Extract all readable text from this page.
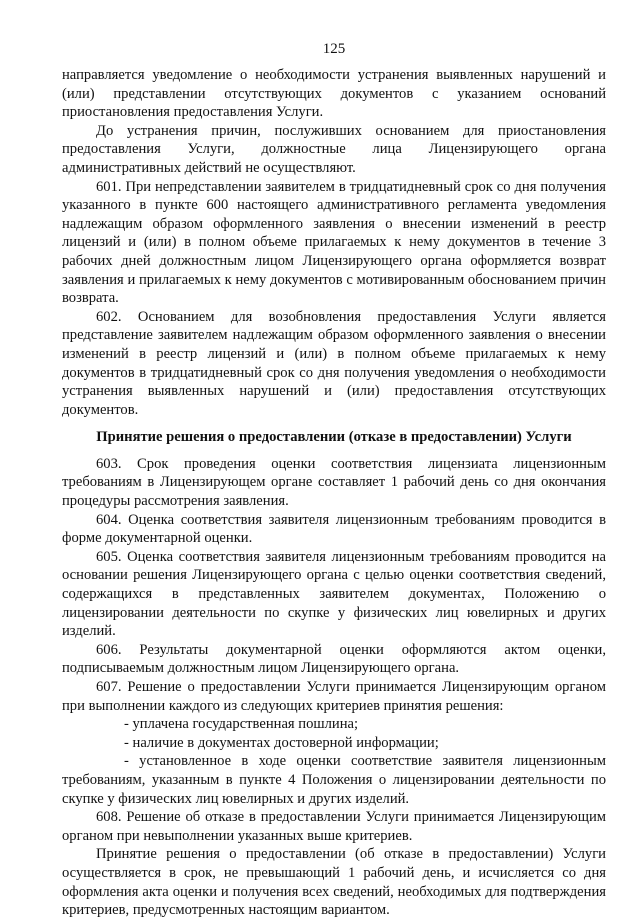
125

направляется уведомление о необходимости устранения выявленных нарушений и (или) представлении отсутствующих документов с указанием оснований приостановления предоставления Услуги.

До устранения причин, послуживших основанием для приостановления предоставления Услуги, должностные лица Лицензирующего органа административных действий не осуществляют.

601. При непредставлении заявителем в тридцатидневный срок со дня получения указанного в пункте 600 настоящего административного регламента уведомления надлежащим образом оформленного заявления о внесении изменений в реестр лицензий и (или) в полном объеме прилагаемых к нему документов в течение 3 рабочих дней должностным лицом Лицензирующего органа оформляется возврат заявления и прилагаемых к нему документов с мотивированным обоснованием причин возврата.

602. Основанием для возобновления предоставления Услуги является представление заявителем надлежащим образом оформленного заявления о внесении изменений в реестр лицензий и (или) в полном объеме прилагаемых к нему документов в тридцатидневный срок со дня получения уведомления о необходимости устранения выявленных нарушений и (или) предоставления отсутствующих документов.

Принятие решения о предоставлении (отказе в предоставлении) Услуги

603. Срок проведения оценки соответствия лицензиата лицензионным требованиям в Лицензирующем органе составляет 1 рабочий день со дня окончания процедуры рассмотрения заявления.

604. Оценка соответствия заявителя лицензионным требованиям проводится в форме документарной оценки.

605. Оценка соответствия заявителя лицензионным требованиям проводится на основании решения Лицензирующего органа с целью оценки соответствия сведений, содержащихся в представленных заявителем документах, Положению о лицензировании деятельности по скупке у физических лиц ювелирных и других изделий.

606. Результаты документарной оценки оформляются актом оценки, подписываемым должностным лицом Лицензирующего органа.

607. Решение о предоставлении Услуги принимается Лицензирующим органом при выполнении каждого из следующих критериев принятия решения:

- уплачена государственная пошлина;

- наличие в документах достоверной информации;

- установленное в ходе оценки соответствие заявителя лицензионным требованиям, указанным в пункте 4 Положения о лицензировании деятельности по скупке у физических лиц ювелирных и других изделий.

608. Решение об отказе в предоставлении Услуги принимается Лицензирующим органом при невыполнении указанных выше критериев.

Принятие решения о предоставлении (об отказе в предоставлении) Услуги осуществляется в срок, не превышающий 1 рабочий день, и исчисляется со дня оформления акта оценки и получения всех сведений, необходимых для подтверждения критериев, предусмотренных настоящим вариантом.
